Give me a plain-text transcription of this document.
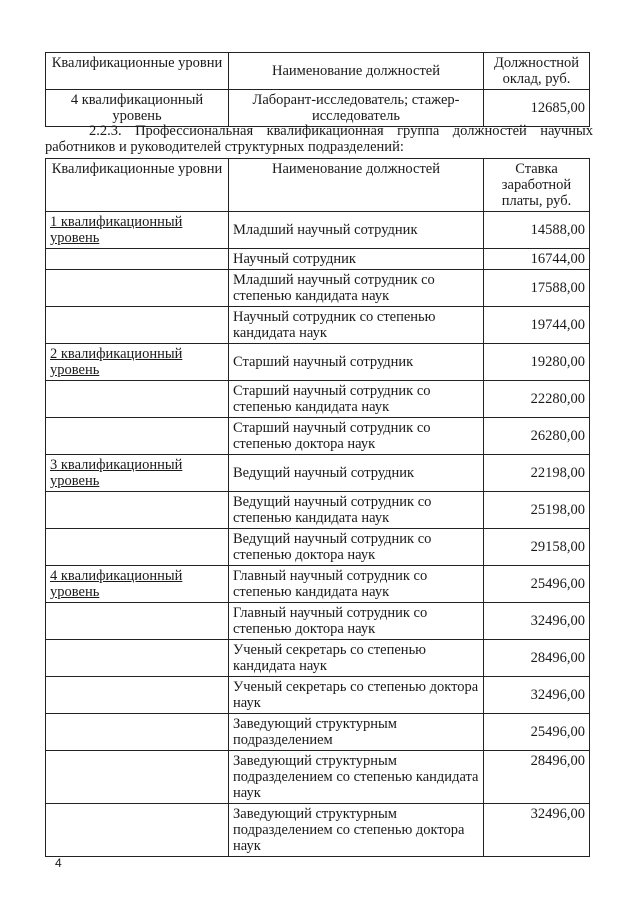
Квалификационные уровни	Наименование должностей	Должностной оклад, руб.
4 квалификационный уровень	Лаборант-исследователь; стажер-исследователь	12685,00
2.2.3. Профессиональная квалификационная группа должностей научных
работников и руководителей структурных подразделений:
Квалификационные уровни	Наименование должностей	Ставка заработной платы, руб.
1 квалификационный уровень	Младший научный сотрудник	14588,00
	Научный сотрудник	16744,00
	Младший научный сотрудник со степенью кандидата наук	17588,00
	Научный сотрудник со степенью кандидата наук	19744,00
2 квалификационный уровень	Старший научный сотрудник	19280,00
	Старший научный сотрудник со степенью кандидата наук	22280,00
	Старший научный сотрудник со степенью доктора наук	26280,00
3 квалификационный уровень	Ведущий научный сотрудник	22198,00
	Ведущий научный сотрудник со степенью кандидата наук	25198,00
	Ведущий научный сотрудник со степенью доктора наук	29158,00
4 квалификационный уровень	Главный научный сотрудник со степенью кандидата наук	25496,00
	Главный научный сотрудник со степенью доктора наук	32496,00
	Ученый секретарь со степенью кандидата наук	28496,00
	Ученый секретарь со степенью доктора наук	32496,00
	Заведующий структурным подразделением	25496,00
	Заведующий структурным подразделением со степенью кандидата наук	28496,00
	Заведующий структурным подразделением со степенью доктора наук	32496,00
4
